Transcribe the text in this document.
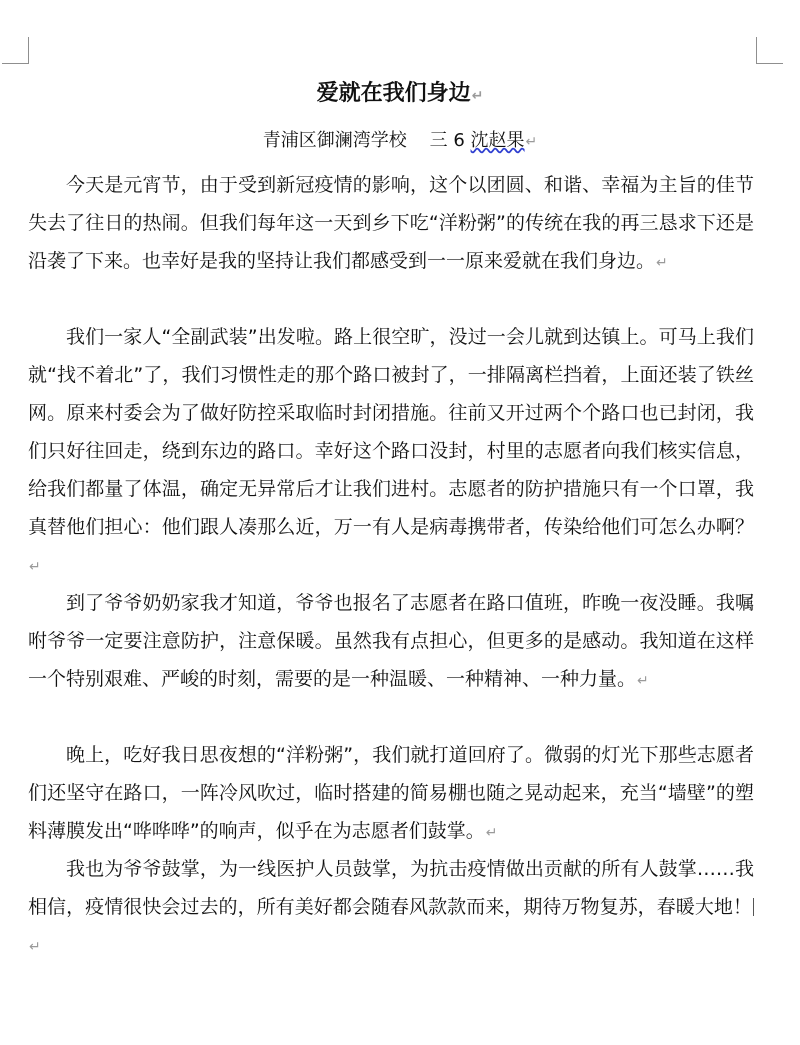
爱就在我们身边↵
青浦区御澜湾学校 三 6 沈赵果↵

今天是元宵节，由于受到新冠疫情的影响，这个以团圆、和谐、幸福为主旨的佳节失去了往日的热闹。但我们每年这一天到乡下吃“洋粉粥”的传统在我的再三恳求下还是沿袭了下来。也幸好是我的坚持让我们都感受到一一原来爱就在我们身边。↵

我们一家人“全副武装”出发啦。路上很空旷，没过一会儿就到达镇上。可马上我们就“找不着北”了，我们习惯性走的那个路口被封了，一排隔离栏挡着，上面还装了铁丝网。原来村委会为了做好防控采取临时封闭措施。往前又开过两个个路口也已封闭，我们只好往回走，绕到东边的路口。幸好这个路口没封，村里的志愿者向我们核实信息，给我们都量了体温，确定无异常后才让我们进村。志愿者的防护措施只有一个口罩，我真替他们担心：他们跟人凑那么近，万一有人是病毒携带者，传染给他们可怎么办啊？↵

到了爷爷奶奶家我才知道，爷爷也报名了志愿者在路口值班，昨晚一夜没睡。我嘱咐爷爷一定要注意防护，注意保暖。虽然我有点担心，但更多的是感动。我知道在这样一个特别艰难、严峻的时刻，需要的是一种温暖、一种精神、一种力量。↵

晚上，吃好我日思夜想的“洋粉粥”，我们就打道回府了。微弱的灯光下那些志愿者们还坚守在路口，一阵冷风吹过，临时搭建的简易棚也随之晃动起来，充当“墙壁”的塑料薄膜发出“哗哗哗”的响声，似乎在为志愿者们鼓掌。↵

我也为爷爷鼓掌，为一线医护人员鼓掌，为抗击疫情做出贡献的所有人鼓掌……我相信，疫情很快会过去的，所有美好都会随春风款款而来，期待万物复苏，春暖大地！↵
